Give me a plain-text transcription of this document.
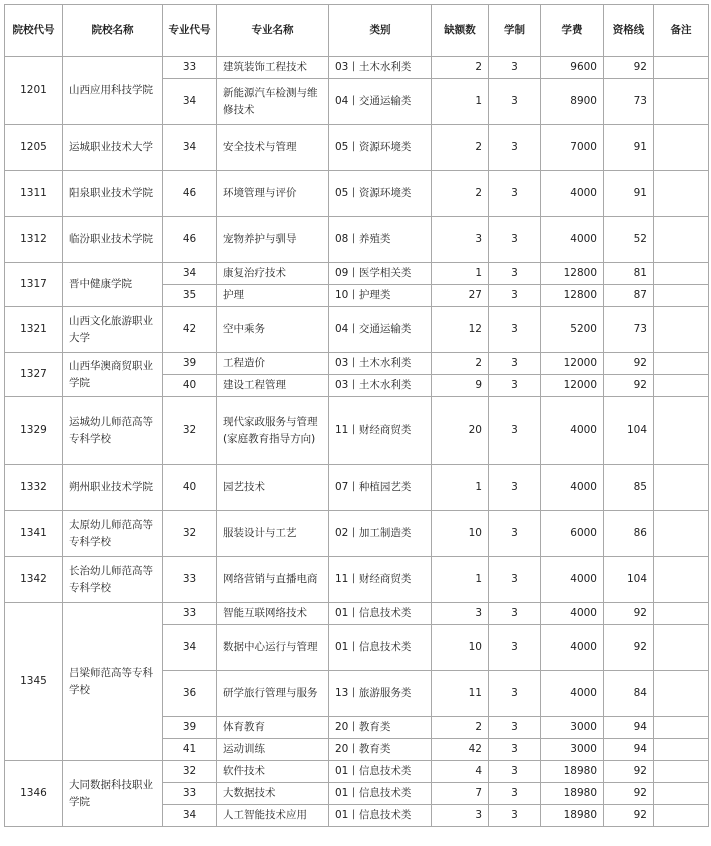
院校代号	院校名称	专业代号	专业名称	类别	缺额数	学制	学费	资格线	备注
1201	山西应用科技学院	33	建筑装饰工程技术	03丨土木水利类	2	3	9600	92	
		34	新能源汽车检测与维修技术	04丨交通运输类	1	3	8900	73	
1205	运城职业技术大学	34	安全技术与管理	05丨资源环境类	2	3	7000	91	
1311	阳泉职业技术学院	46	环境管理与评价	05丨资源环境类	2	3	4000	91	
1312	临汾职业技术学院	46	宠物养护与驯导	08丨养殖类	3	3	4000	52	
1317	晋中健康学院	34	康复治疗技术	09丨医学相关类	1	3	12800	81	
		35	护理	10丨护理类	27	3	12800	87	
1321	山西文化旅游职业大学	42	空中乘务	04丨交通运输类	12	3	5200	73	
1327	山西华澳商贸职业学院	39	工程造价	03丨土木水利类	2	3	12000	92	
		40	建设工程管理	03丨土木水利类	9	3	12000	92	
1329	运城幼儿师范高等专科学校	32	现代家政服务与管理(家庭教育指导方向)	11丨财经商贸类	20	3	4000	104	
1332	朔州职业技术学院	40	园艺技术	07丨种植园艺类	1	3	4000	85	
1341	太原幼儿师范高等专科学校	32	服装设计与工艺	02丨加工制造类	10	3	6000	86	
1342	长治幼儿师范高等专科学校	33	网络营销与直播电商	11丨财经商贸类	1	3	4000	104	
1345	吕梁师范高等专科学校	33	智能互联网络技术	01丨信息技术类	3	3	4000	92	
		34	数据中心运行与管理	01丨信息技术类	10	3	4000	92	
		36	研学旅行管理与服务	13丨旅游服务类	11	3	4000	84	
		39	体育教育	20丨教育类	2	3	3000	94	
		41	运动训练	20丨教育类	42	3	3000	94	
1346	大同数据科技职业学院	32	软件技术	01丨信息技术类	4	3	18980	92	
		33	大数据技术	01丨信息技术类	7	3	18980	92	
		34	人工智能技术应用	01丨信息技术类	3	3	18980	92	
